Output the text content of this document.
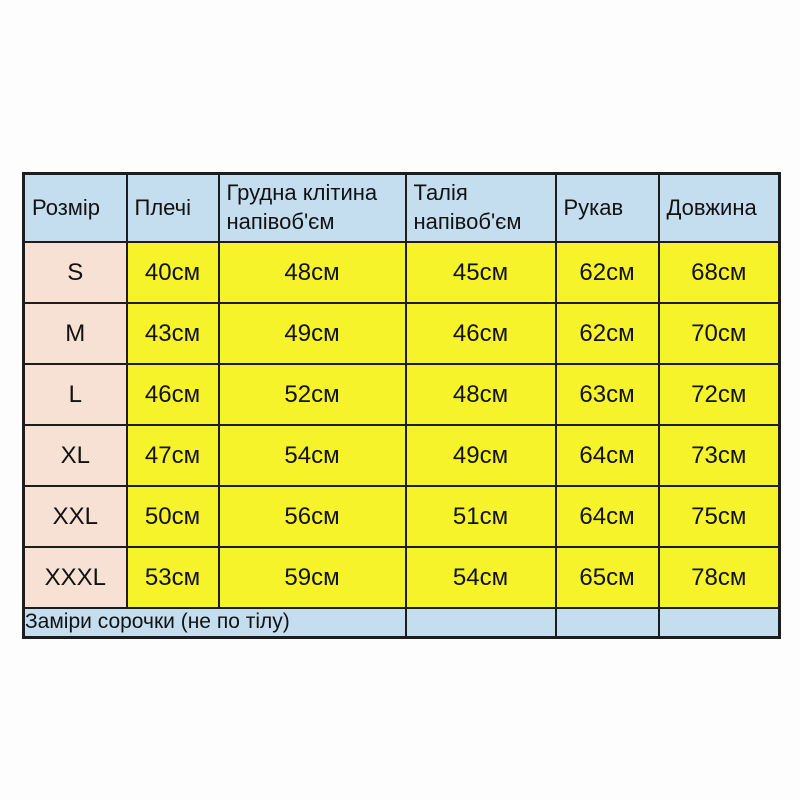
Розмір	Плечі	Грудна клітина напівоб'єм	Талія напівоб'єм	Рукав	Довжина
S	40см	48см	45см	62см	68см
M	43см	49см	46см	62см	70см
L	46см	52см	48см	63см	72см
XL	47см	54см	49см	64см	73см
XXL	50см	56см	51см	64см	75см
XXXL	53см	59см	54см	65см	78см
Заміри сорочки (не по тілу)					
